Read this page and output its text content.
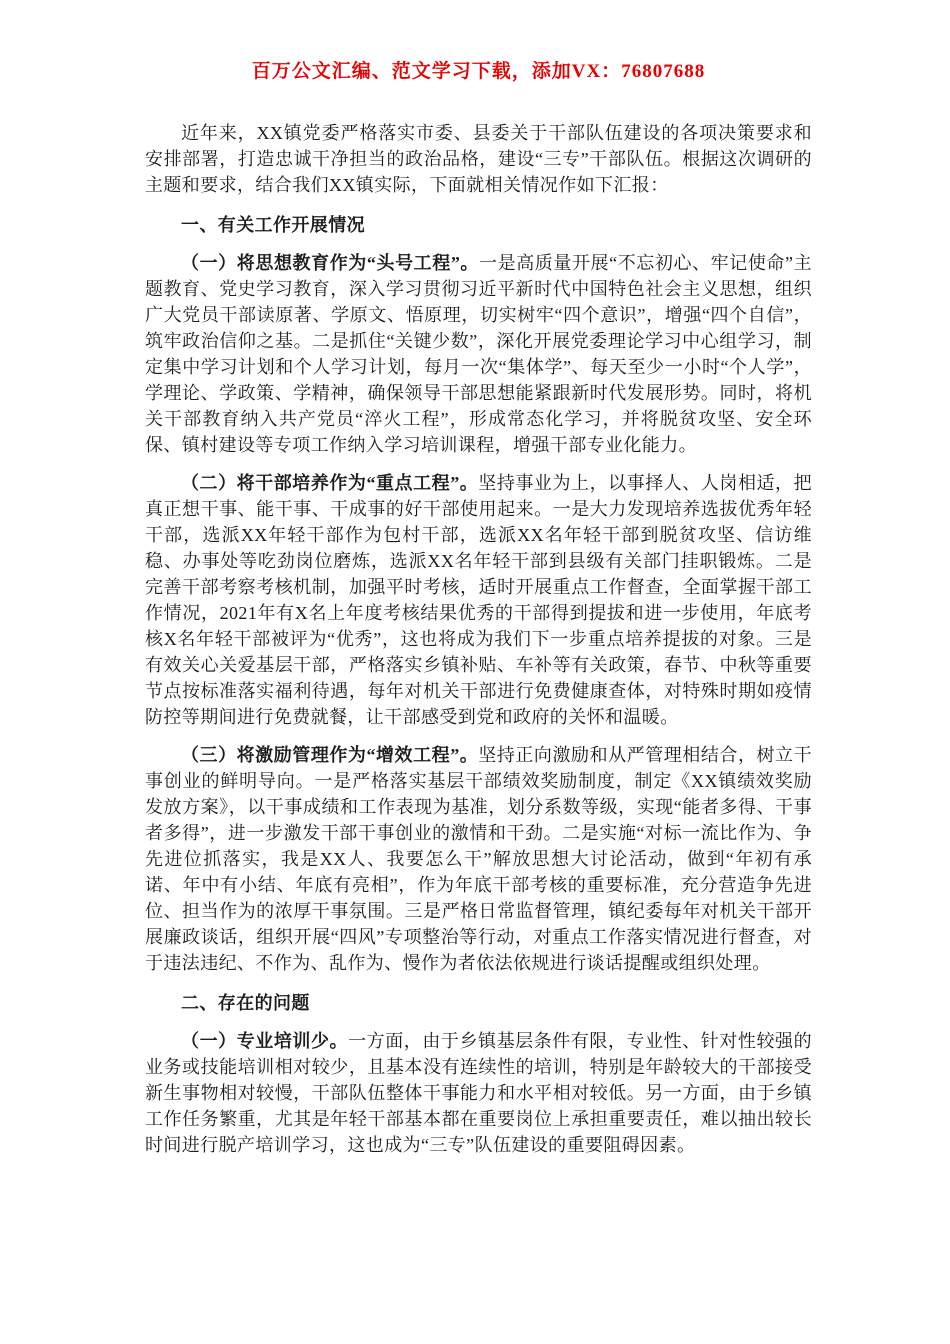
百万公文汇编、范文学习下载，添加VX：76807688

近年来，XX镇党委严格落实市委、县委关于干部队伍建设的各项决策要求和安排部署，打造忠诚干净担当的政治品格，建设“三专”干部队伍。根据这次调研的主题和要求，结合我们XX镇实际，下面就相关情况作如下汇报：

一、有关工作开展情况

（一）将思想教育作为“头号工程”。一是高质量开展“不忘初心、牢记使命”主题教育、党史学习教育，深入学习贯彻习近平新时代中国特色社会主义思想，组织广大党员干部读原著、学原文、悟原理，切实树牢“四个意识”，增强“四个自信”，筑牢政治信仰之基。二是抓住“关键少数”，深化开展党委理论学习中心组学习，制定集中学习计划和个人学习计划，每月一次“集体学”、每天至少一小时“个人学”，学理论、学政策、学精神，确保领导干部思想能紧跟新时代发展形势。同时，将机关干部教育纳入共产党员“淬火工程”，形成常态化学习，并将脱贫攻坚、安全环保、镇村建设等专项工作纳入学习培训课程，增强干部专业化能力。

（二）将干部培养作为“重点工程”。坚持事业为上，以事择人、人岗相适，把真正想干事、能干事、干成事的好干部使用起来。一是大力发现培养选拔优秀年轻干部，选派XX年轻干部作为包村干部，选派XX名年轻干部到脱贫攻坚、信访维稳、办事处等吃劲岗位磨炼，选派XX名年轻干部到县级有关部门挂职锻炼。二是完善干部考察考核机制，加强平时考核，适时开展重点工作督查，全面掌握干部工作情况，2021年有X名上年度考核结果优秀的干部得到提拔和进一步使用，年底考核X名年轻干部被评为“优秀”，这也将成为我们下一步重点培养提拔的对象。三是有效关心关爱基层干部，严格落实乡镇补贴、车补等有关政策，春节、中秋等重要节点按标准落实福利待遇，每年对机关干部进行免费健康查体，对特殊时期如疫情防控等期间进行免费就餐，让干部感受到党和政府的关怀和温暖。

（三）将激励管理作为“增效工程”。坚持正向激励和从严管理相结合，树立干事创业的鲜明导向。一是严格落实基层干部绩效奖励制度，制定《XX镇绩效奖励发放方案》，以干事成绩和工作表现为基准，划分系数等级，实现“能者多得、干事者多得”，进一步激发干部干事创业的激情和干劲。二是实施“对标一流比作为、争先进位抓落实，我是XX人、我要怎么干”解放思想大讨论活动，做到“年初有承诺、年中有小结、年底有亮相”，作为年底干部考核的重要标准，充分营造争先进位、担当作为的浓厚干事氛围。三是严格日常监督管理，镇纪委每年对机关干部开展廉政谈话，组织开展“四风”专项整治等行动，对重点工作落实情况进行督查，对于违法违纪、不作为、乱作为、慢作为者依法依规进行谈话提醒或组织处理。

二、存在的问题

（一）专业培训少。一方面，由于乡镇基层条件有限，专业性、针对性较强的业务或技能培训相对较少，且基本没有连续性的培训，特别是年龄较大的干部接受新生事物相对较慢，干部队伍整体干事能力和水平相对较低。另一方面，由于乡镇工作任务繁重，尤其是年轻干部基本都在重要岗位上承担重要责任，难以抽出较长时间进行脱产培训学习，这也成为“三专”队伍建设的重要阻碍因素。
